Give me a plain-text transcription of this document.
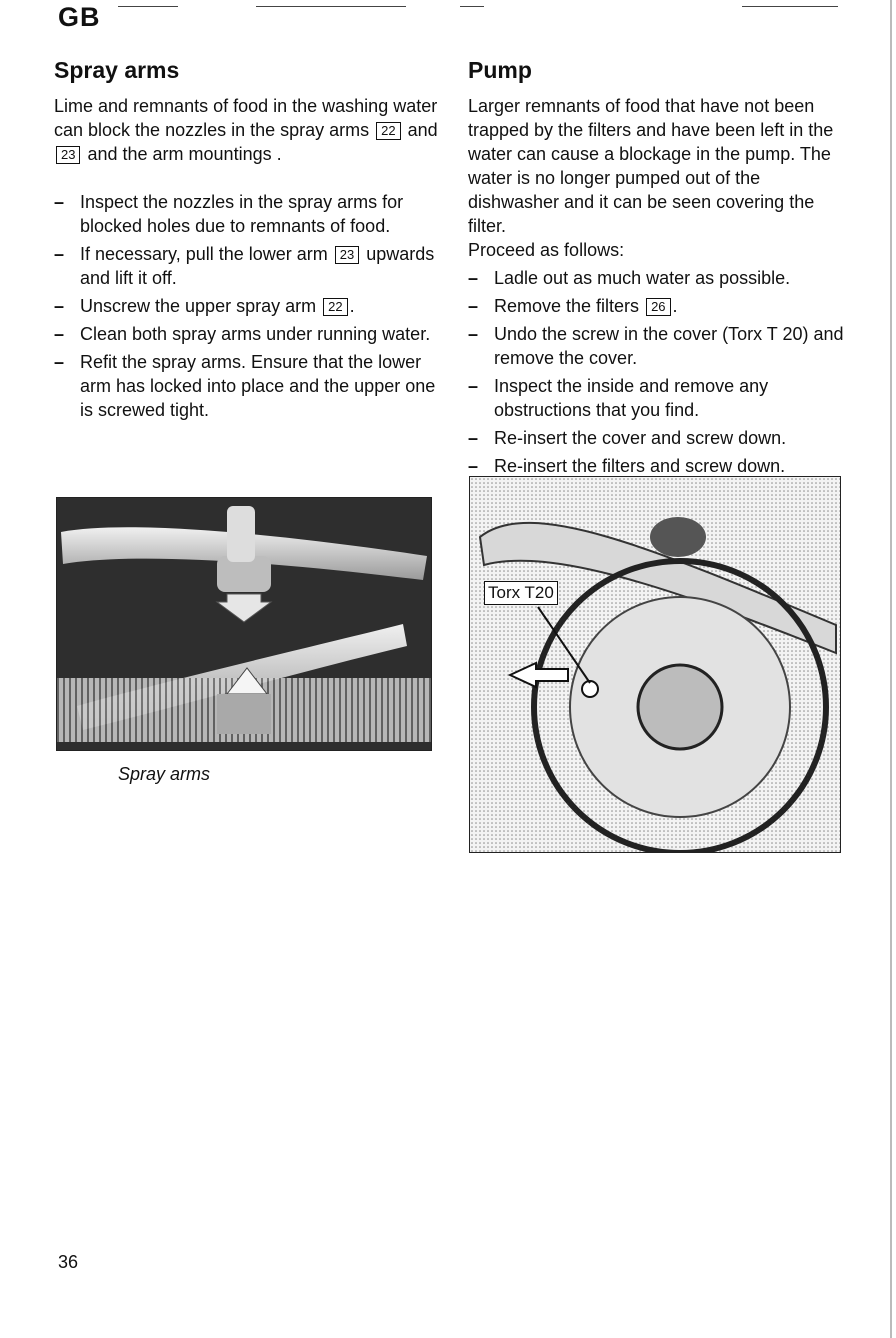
GB
Spray arms

Lime and remnants of food in the washing water can block the nozzles in the spray arms 22 and 23 and the arm mountings .

– Inspect the nozzles in the spray arms for blocked holes due to remnants of food.
– If necessary, pull the lower arm 23 upwards and lift it off.
– Unscrew the upper spray arm 22 .
– Clean both spray arms under running water.
– Refit the spray arms. Ensure that the lower arm has locked into place and the upper one is screwed tight.
Pump

Larger remnants of food that have not been trapped by the filters and have been left in the water can cause a blockage in the pump. The water is no longer pumped out of the dishwasher and it can be seen covering the filter.

Proceed as follows:

– Ladle out as much water as possible.
– Remove the filters 26 .
– Undo the screw in the cover (Torx T 20) and remove the cover.
– Inspect the inside and remove any obstructions that you find.
– Re-insert the cover and screw down.
– Re-insert the filters and screw down.
Spray arms
Torx T20
36
